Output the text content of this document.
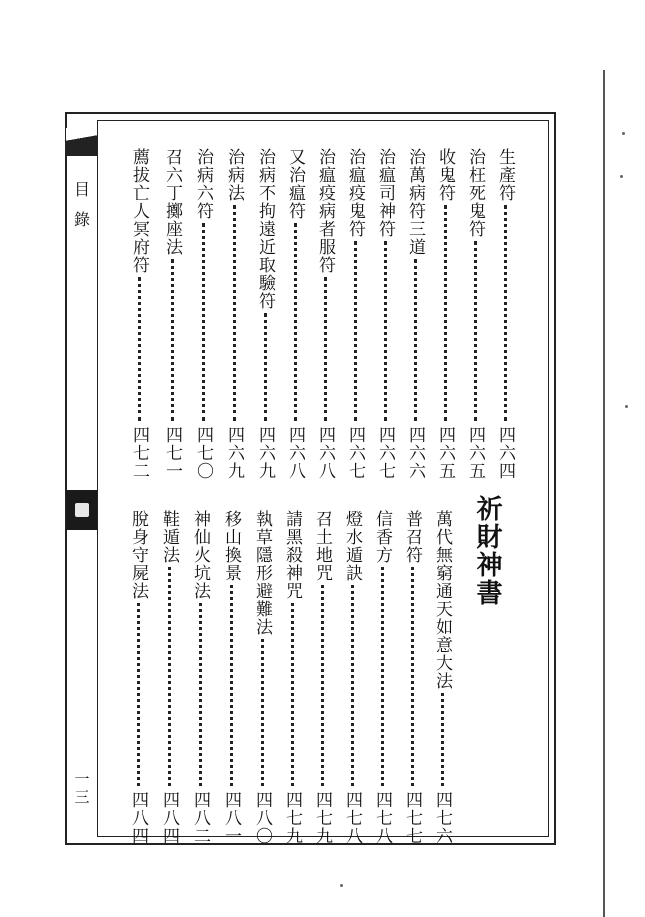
目錄
一三
祈財神書
生產符
四六四
治枉死鬼符
四六五
收鬼符
四六五
治萬病符三道
四六六
治瘟司神符
四六七
治瘟疫鬼符
四六七
治瘟疫病者服符
四六八
又治瘟符
四六八
治病不拘遠近取驗符
四六九
治病法
四六九
治病六符
四七〇
召六丁擲座法
四七一
薦拔亡人冥府符
四七二
萬代無窮通天如意大法
四七六
普召符
四七七
信香方
四七八
燈水遁訣
四七八
召土地咒
四七九
請黑殺神咒
四七九
執草隱形避難法
四八〇
移山換景
四八一
神仙火坑法
四八二
鞋遁法
四八四
脫身守屍法
四八四
